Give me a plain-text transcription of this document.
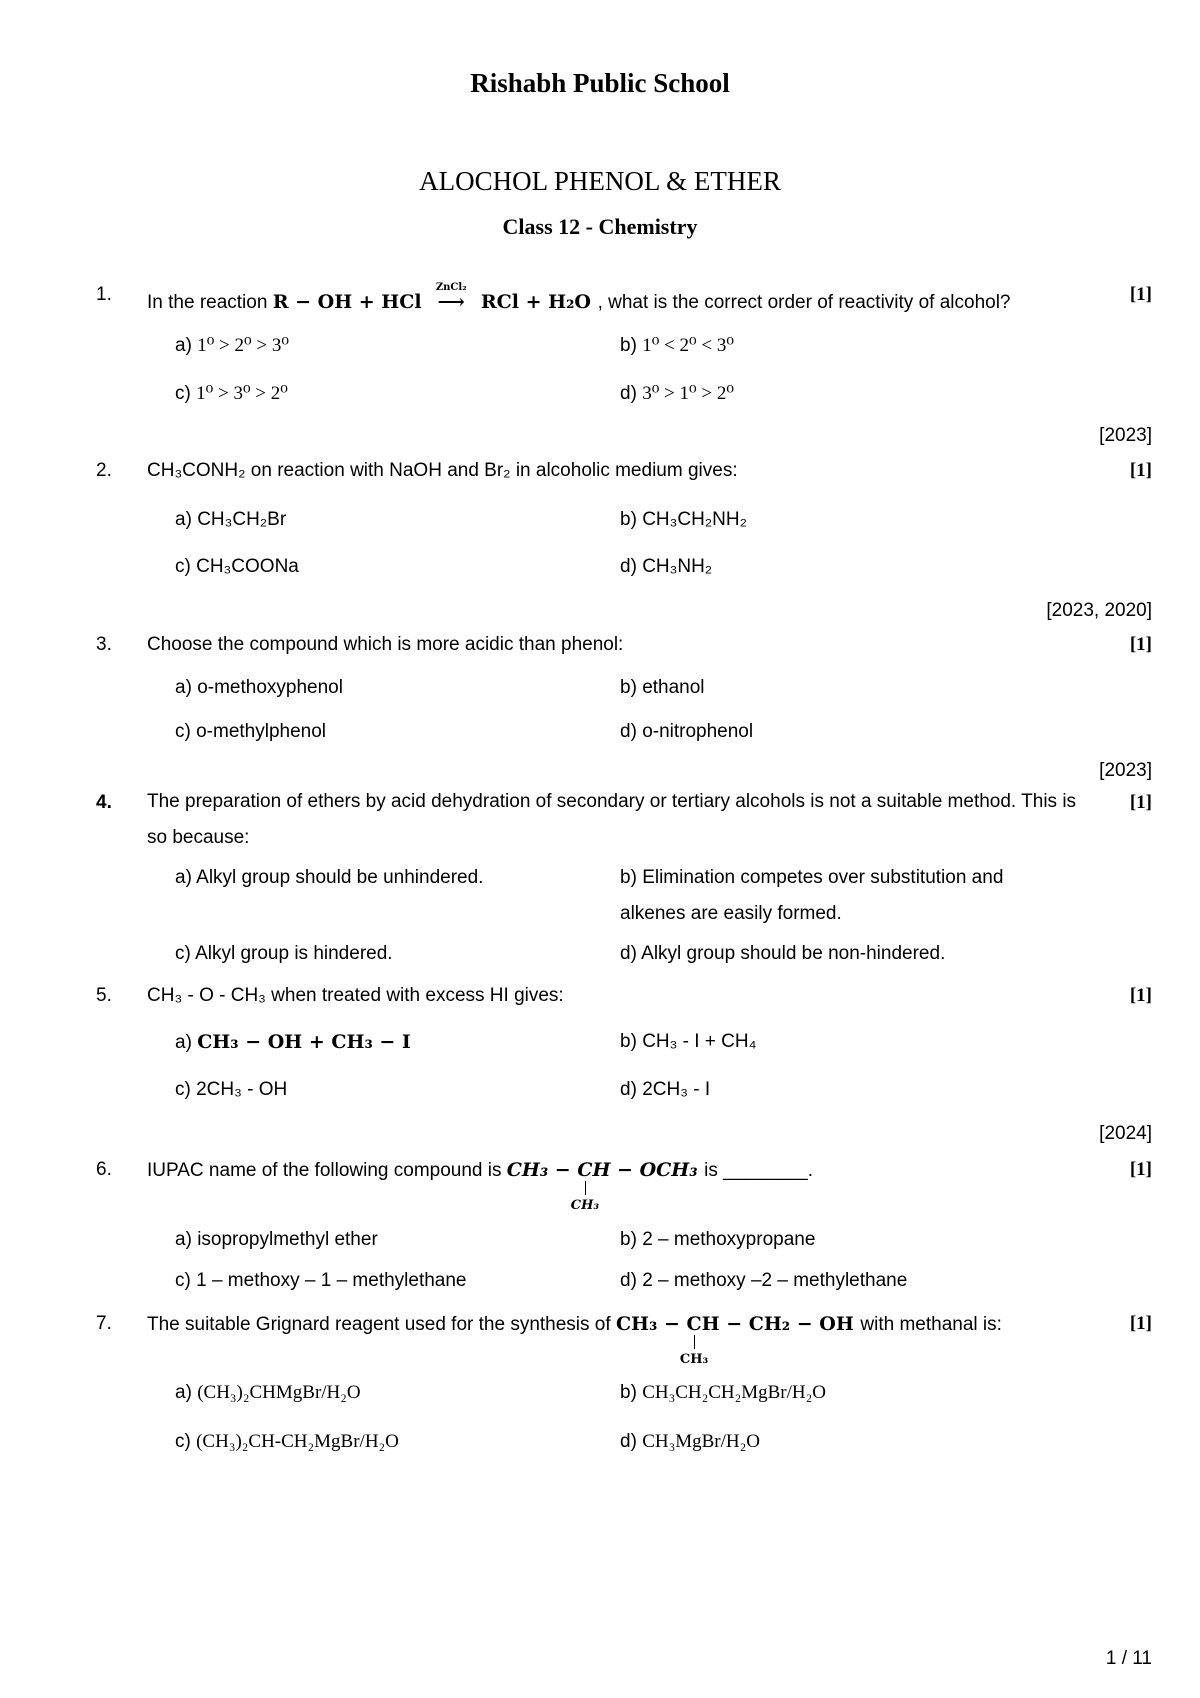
Rishabh Public School
ALOCHOL PHENOL & ETHER
Class 12 - Chemistry
1. In the reaction R − OH + HCl
ZnCl₂
⟶ RCl + H₂O , what is the correct order of reactivity of alcohol?	[1]
a) 1⁰ > 2⁰ > 3⁰	b) 1⁰ < 2⁰ < 3⁰
c) 1⁰ > 3⁰ > 2⁰	d) 3⁰ > 1⁰ > 2⁰
[2023]
2. CH₃CONH₂ on reaction with NaOH and Br₂ in alcoholic medium gives:	[1]
a) CH₃CH₂Br	b) CH₃CH₂NH₂
c) CH₃COONa	d) CH₃NH₂
[2023, 2020]
3. Choose the compound which is more acidic than phenol:	[1]
a) o-methoxyphenol	b) ethanol
c) o-methylphenol	d) o-nitrophenol
[2023]
4. The preparation of ethers by acid dehydration of secondary or tertiary alcohols is not a suitable method. This is so because:
[1]
a) Alkyl group should be unhindered.	b) Elimination competes over substitution and alkenes are easily formed.
c) Alkyl group is hindered.	d) Alkyl group should be non-hindered.
5. CH₃ - O - CH₃ when treated with excess HI gives:	[1]
a) CH₃ − OH + CH₃ − I	b) CH₃ - I + CH₄
c) 2CH₃ - OH	d) 2CH₃ - I
[2024]
6. IUPAC name of the following compound is CH₃ − C
CH₃
H − OCH₃ is ________.	[1]
a) isopropylmethyl ether	b) 2 – methoxypropane
c) 1 – methoxy – 1 – methylethane	d) 2 – methoxy –2 – methylethane
7. The suitable Grignard reagent used for the synthesis of CH₃ − C
CH₃
H − CH₂ − OH with methanal is:	[1]
a) (CH₃)₂CHMgBr/H₂O	b) CH₃CH₂CH₂MgBr/H₂O
c) (CH₃)₂CH-CH₂MgBr/H₂O	d) CH₃MgBr/H₂O
1 / 11
